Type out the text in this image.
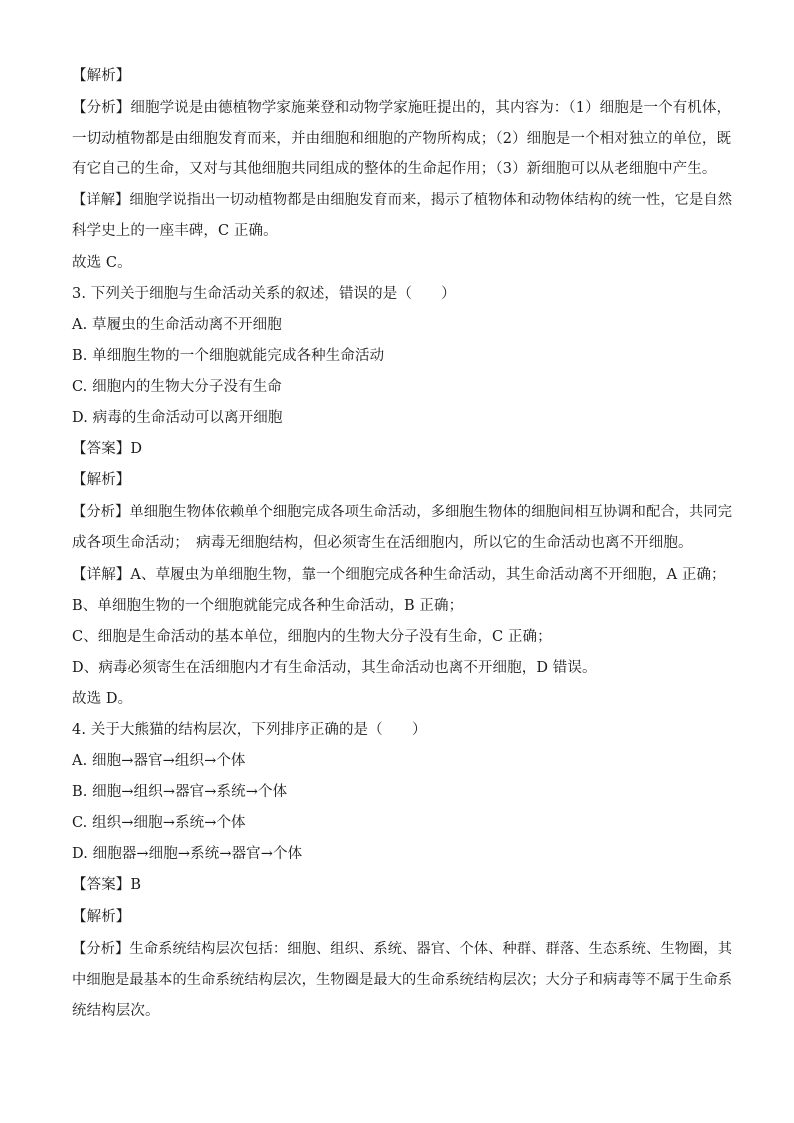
【解析】
【分析】细胞学说是由德植物学家施莱登和动物学家施旺提出的，其内容为：（1）细胞是一个有机体，
一切动植物都是由细胞发育而来，并由细胞和细胞的产物所构成；（2）细胞是一个相对独立的单位，既
有它自己的生命，又对与其他细胞共同组成的整体的生命起作用；（3）新细胞可以从老细胞中产生。
【详解】细胞学说指出一切动植物都是由细胞发育而来，揭示了植物体和动物体结构的统一性，它是自然
科学史上的一座丰碑，C 正确。
故选 C。
3. 下列关于细胞与生命活动关系的叙述，错误的是（　　）
A. 草履虫的生命活动离不开细胞
B. 单细胞生物的一个细胞就能完成各种生命活动
C. 细胞内的生物大分子没有生命
D. 病毒的生命活动可以离开细胞
【答案】D
【解析】
【分析】单细胞生物体依赖单个细胞完成各项生命活动，多细胞生物体的细胞间相互协调和配合，共同完
成各项生命活动；　病毒无细胞结构，但必须寄生在活细胞内，所以它的生命活动也离不开细胞。
【详解】A、草履虫为单细胞生物，靠一个细胞完成各种生命活动，其生命活动离不开细胞，A 正确；
B、单细胞生物的一个细胞就能完成各种生命活动，B 正确；
C、细胞是生命活动的基本单位，细胞内的生物大分子没有生命，C 正确；
D、病毒必须寄生在活细胞内才有生命活动，其生命活动也离不开细胞，D 错误。
故选 D。
4. 关于大熊猫的结构层次，下列排序正确的是（　　）
A. 细胞→器官→组织→个体
B. 细胞→组织→器官→系统→个体
C. 组织→细胞→系统→个体
D. 细胞器→细胞→系统→器官→个体
【答案】B
【解析】
【分析】生命系统结构层次包括：细胞、组织、系统、器官、个体、种群、群落、生态系统、生物圈，其
中细胞是最基本的生命系统结构层次，生物圈是最大的生命系统结构层次；大分子和病毒等不属于生命系
统结构层次。
